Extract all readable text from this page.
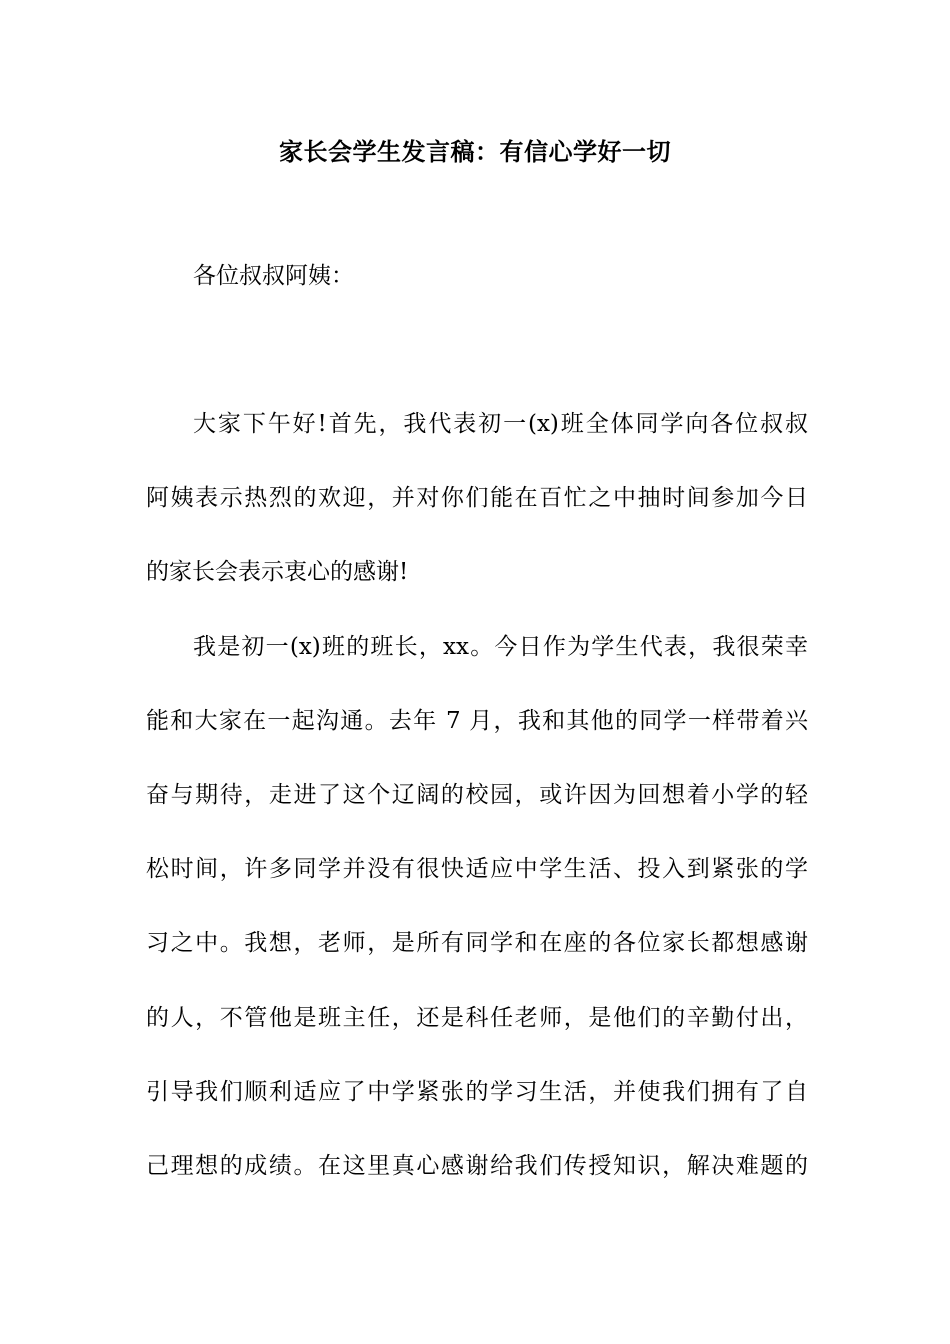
家长会学生发言稿：有信心学好一切
各位叔叔阿姨：
大家下午好!首先，我代表初一(x)班全体同学向各位叔叔
阿姨表示热烈的欢迎，并对你们能在百忙之中抽时间参加今日
的家长会表示衷心的感谢!
我是初一(x)班的班长，xx。今日作为学生代表，我很荣幸
能和大家在一起沟通。去年 7 月，我和其他的同学一样带着兴
奋与期待，走进了这个辽阔的校园，或许因为回想着小学的轻
松时间，许多同学并没有很快适应中学生活、投入到紧张的学
习之中。我想，老师，是所有同学和在座的各位家长都想感谢
的人，不管他是班主任，还是科任老师，是他们的辛勤付出，
引导我们顺利适应了中学紧张的学习生活，并使我们拥有了自
己理想的成绩。在这里真心感谢给我们传授知识，解决难题的
